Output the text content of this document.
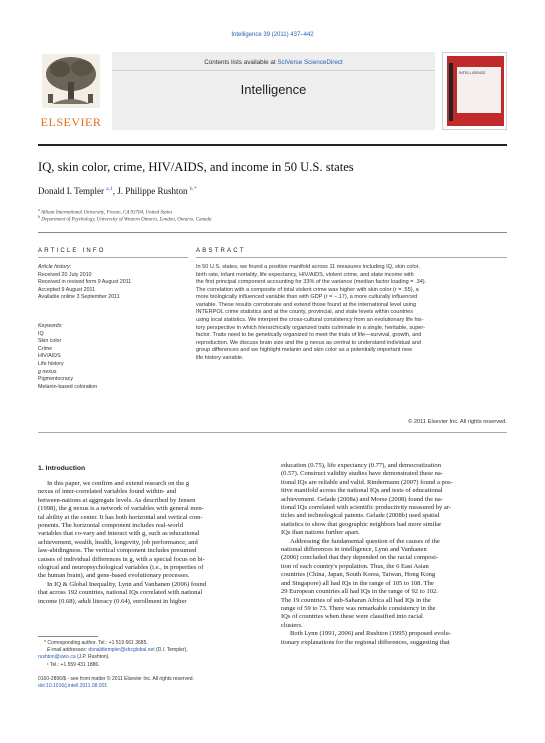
Intelligence 39 (2011) 437–442
ELSEVIER
Contents lists available at SciVerse ScienceDirect
Intelligence
INTELLIGENCE
IQ, skin color, crime, HIV/AIDS, and income in 50 U.S. states
Donald I. Templer $^{a,1}$, J. Philippe Rushton $^{b,*}$
$^a$ Alliant International University, Fresno, CA 93704, United States
$^b$ Department of Psychology, University of Western Ontario, London, Ontario, Canada
ARTICLE INFO	ABSTRACT
Article history:
Received 20 July 2010
Received in revised form 9 August 2011
Accepted 9 August 2011
Available online 3 September 2011
Keywords:
IQ
Skin color
Crime
HIV/AIDS
Life history
g nexus
Pigmentocracy
Melanin-based coloration
In 50 U.S. states, we found a positive manifold across 11 measures including IQ, skin color,
birth rate, infant mortality, life expectancy, HIV/AIDS, violent crime, and state income with
the first principal component accounting for 33% of the variance (median factor loading = .34).
The correlation with a composite of total violent crime was higher with skin color (r = .55), a
more biologically influenced variable than with GDP (r = −.17), a more culturally influenced
variable. These results corroborate and extend those found at the international level using
INTERPOL crime statistics and at the county, provincial, and state levels within countries
using local statistics. We interpret the cross-cultural consistency from an evolutionary life his-
tory perspective in which hierarchically organized traits culminate in a single, heritable, super-
factor. Traits need to be genetically organized to meet the trials of life—survival, growth, and
reproduction. We discuss brain size and the g nexus as central to understand individual and
group differences and we highlight melanin and skin color as a potentially important new
life history variable.
© 2011 Elsevier Inc. All rights reserved.
1. Introduction
In this paper, we confirm and extend research on the g
nexus of inter-correlated variables found within- and
between-nations at aggregate levels. As described by Jensen
(1998), the g nexus is a network of variables with general men-
tal ability at the center. It has both horizontal and vertical com-
ponents. The horizontal component includes real-world
variables that co-vary and interact with g, such as educational
achievement, wealth, health, longevity, job performance, and
law-abidingness. The vertical component includes presumed
causes of individual differences in g, with a special focus on bi-
ological and neuropsychological variables (i.e., in properties of
the human brain), and gene-based evolutionary processes.
In IQ & Global Inequality, Lynn and Vanhanen (2006) found
that across 192 countries, national IQs correlated with national
income (0.68), adult literacy (0.64), enrollment in higher
education (0.75), life expectancy (0.77), and democratization
(0.57). Construct validity studies have demonstrated these na-
tional IQs are reliable and valid. Rindermann (2007) found a pos-
itive manifold across the national IQs and tests of educational
achievement. Gelade (2008a) and Morse (2008) found the na-
tional IQs correlated with scientific productivity measured by ar-
ticles and technological patents. Gelade (2008b) used spatial
statistics to show that geographic neighbors had more similar
IQs than nations further apart.
Addressing the fundamental question of the causes of the
national differences in intelligence, Lynn and Vanhanen
(2006) concluded that they depended on the racial composi-
tion of each country's population. Thus, the 6 East Asian
countries (China, Japan, South Korea, Taiwan, Hong Kong
and Singapore) all had IQs in the range of 105 to 108. The
29 European countries all had IQs in the range of 92 to 102.
The 19 countries of sub-Saharan Africa all had IQs in the
range of 59 to 73. There was remarkable consistency in the
IQs of countries when these were classified into racial
clusters.
Both Lynn (1991, 2006) and Rushton (1995) proposed evolu-
tionary explanations for the regional differences, suggesting that
* Corresponding author. Tel.: +1 519 661 3685.
E-mail addresses: donaldtempler@sbcglobal.net (D.I. Templer),
rushton@uwo.ca (J.P. Rushton).
¹ Tel.: +1 559 431 1886.
0160-2896/$ - see front matter © 2011 Elsevier Inc. All rights reserved.
doi:10.1016/j.intell.2011.08.001
